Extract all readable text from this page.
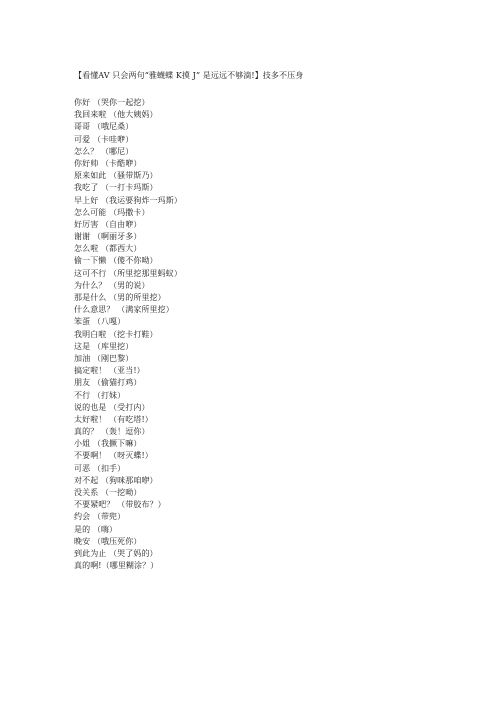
【看懂AV 只会两句“雅蠛蝶 K摸 J” 是远远不够滴!】技多不压身
你好 （哭你一起挖）
我回来啦 （他大姨妈）
哥哥 （哦尼桑）
可爱 （卡哇咿）
怎么？ （哪尼）
你好帅 （卡酷咿）
原来如此 （骚带斯乃）
我吃了 （一打卡玛斯）
早上好 （我运要狗炸一玛斯）
怎么可能 （玛撒卡）
好厉害 （自由咿）
谢谢 （啊丽牙多）
怎么啦 （都西大）
偷一下懒 （傻不你呦）
这可不行 （所里挖那里蚂蚁）
为什么？ （男的说）
那是什么 （男的所里挖）
什么意思？ （满家所里挖）
笨蛋 （八嘎）
我明白啦 （挖卡打鞋）
这是 （库里挖）
加油 （刚巴黎）
搞定啦！ （亚当!）
朋友 （偷猫打鸡）
不行 （打妹）
说的也是 （受打内）
太好啦！ （有吃塔!）
真的？ （轰！逗你）
小姐 （我撅下嘛）
不要啊！ （呀灭蝶!）
可恶 （扣手）
对不起 （狗咪那咱咿）
没关系 （一挖呦）
不要紧吧？ （带胶布？）
约会 （带兜）
是的 （嗨）
晚安 （哦压死你）
到此为止 （哭了妈的）
真的啊!（哪里糊涂？）
